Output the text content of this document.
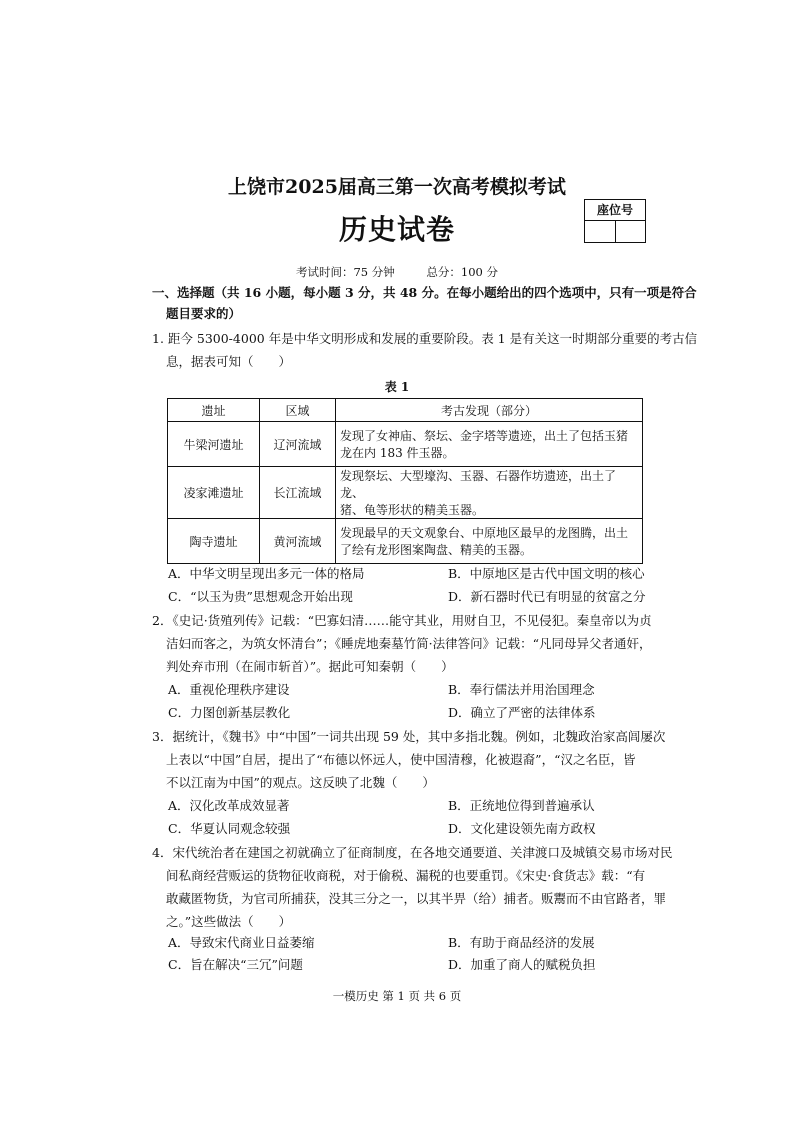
上饶市2025届高三第一次高考模拟考试
历史试卷
座位号
考试时间：75 分钟	总分：100 分
一、选择题（共 16 小题，每小题 3 分，共 48 分。在每小题给出的四个选项中，只有一项是符合
题目要求的）
1. 距今 5300-4000 年是中华文明形成和发展的重要阶段。表 1 是有关这一时期部分重要的考古信
息，据表可知（　　）
表 1
遗址	区域	考古发现（部分）
牛梁河遗址	辽河流域	发现了女神庙、祭坛、金字塔等遗迹，出土了包括玉猪
龙在内 183 件玉器。

凌家滩遗址	长江流域	发现祭坛、大型壕沟、玉器、石器作坊遗迹，出土了龙、
猪、龟等形状的精美玉器。

陶寺遗址	黄河流域	发现最早的天文观象台、中原地区最早的龙图腾，出土
了绘有龙形图案陶盘、精美的玉器。
A．中华文明呈现出多元一体的格局	B．中原地区是古代中国文明的核心
C．“以玉为贵”思想观念开始出现	D．新石器时代已有明显的贫富之分
2．《史记·货殖列传》记载：“巴寡妇清……能守其业，用财自卫，不见侵犯。秦皇帝以为贞
洁妇而客之，为筑女怀清台”；《睡虎地秦墓竹简·法律答问》记载：“凡同母异父者通奸，
判处弃市刑（在闹市斩首）”。据此可知秦朝（　　）
A．重视伦理秩序建设	B．奉行儒法并用治国理念
C．力图创新基层教化	D．确立了严密的法律体系
3．据统计，《魏书》中“中国”一词共出现 59 处，其中多指北魏。例如，北魏政治家高闾屡次
上表以“中国”自居，提出了“布德以怀远人，使中国清穆，化被遐裔”，“汉之名臣，皆
不以江南为中国”的观点。这反映了北魏（　　）
A．汉化改革成效显著	B．正统地位得到普遍承认
C．华夏认同观念较强	D．文化建设领先南方政权
4．宋代统治者在建国之初就确立了征商制度，在各地交通要道、关津渡口及城镇交易市场对民
间私商经营贩运的货物征收商税，对于偷税、漏税的也要重罚。《宋史·食货志》载：“有
敢藏匿物货，为官司所捕获，没其三分之一，以其半畀（给）捕者。贩鬻而不由官路者，罪
之。”这些做法（　　）
A．导致宋代商业日益萎缩	B．有助于商品经济的发展
C．旨在解决“三冗”问题	D．加重了商人的赋税负担
一模历史 第 1 页 共 6 页
